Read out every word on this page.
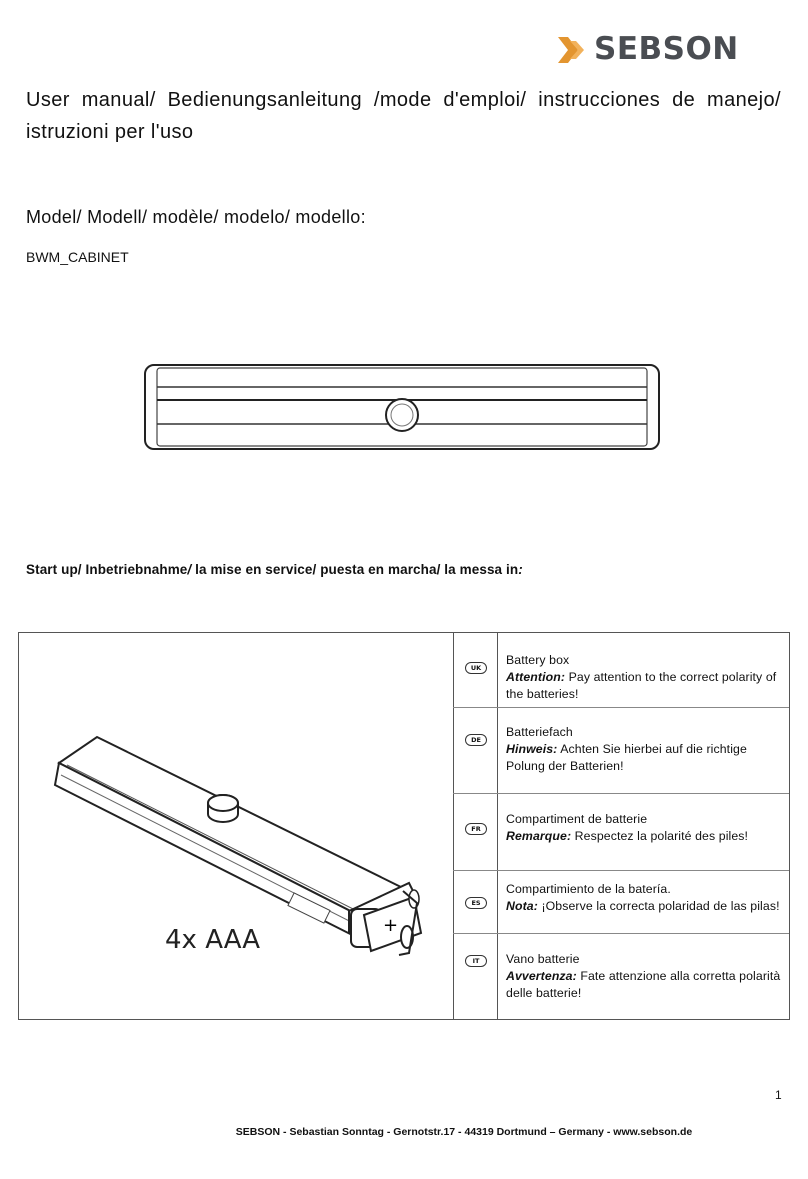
SEBSON
User manual/ Bedienungsanleitung /mode d'emploi/ instrucciones de manejo/ istruzioni per l'uso
Model/ Modell/ modèle/ modelo/ modello:
BWM_CABINET
Start up/ Inbetriebnahme/ la mise en service/ puesta en marcha/ la messa in:
+
4x AAA
UK
DE
FR
ES
IT
Battery box
Attention: Pay attention to the correct polarity of the batteries!
Batteriefach
Hinweis: Achten Sie hierbei auf die richtige Polung der Batterien!
Compartiment de batterie
Remarque: Respectez la polarité des piles!
Compartimiento de la batería.
Nota: ¡Observe la correcta polaridad de las pilas!
Vano batterie
Avvertenza: Fate attenzione alla corretta polarità delle batterie!
1
SEBSON - Sebastian Sonntag - Gernotstr.17 - 44319 Dortmund – Germany - www.sebson.de
